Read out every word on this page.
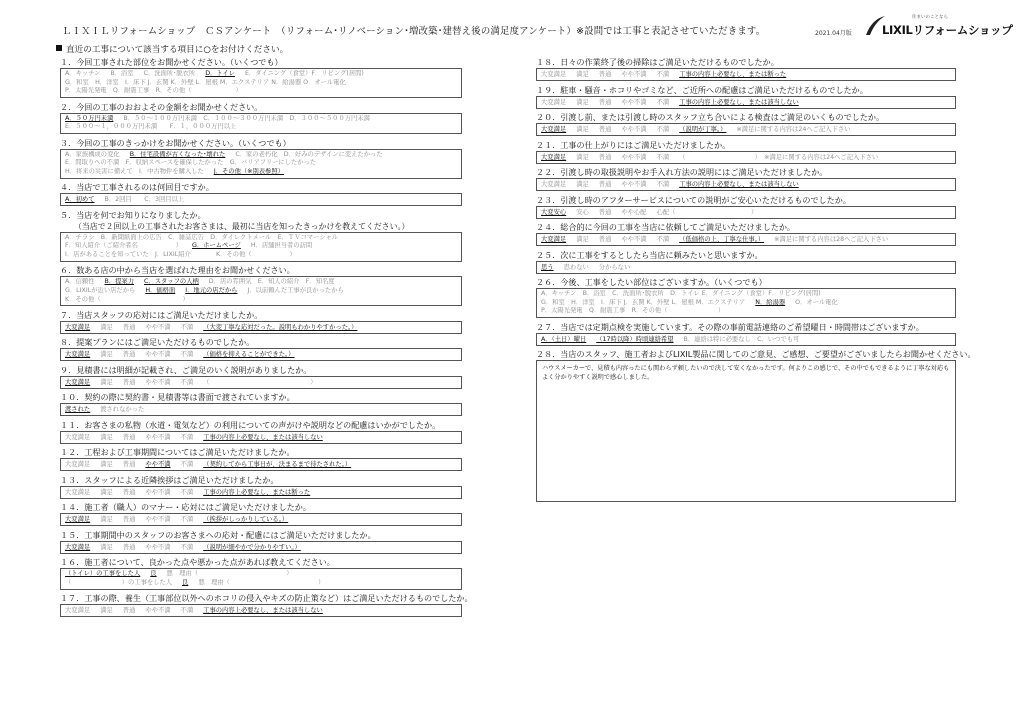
ＬＩＸＩＬリフォームショップ　ＣＳアンケート　（リフォーム･リノベーション･増改築･建替え後の満足度アンケート）※設問では工事と表記させていただきます。	2021.04月版
住まいのことなら
LIXILリフォームショップ
直近の工事について該当する項目に○をお付けください。
１．今回工事された部位をお聞かせください。（いくつでも）
A．キッチン B．浴室 C．洗面所･脱衣所 D．トイレ E．ダイニング（食堂）F．リビング(居間)
G．和室　H．洋室　I．床下 J．玄関 K．外壁 L．屋根 M．エクステリア N．給湯器 O．オール電化
P．太陽光発電　Q．耐震工事　R．その他（　　　　　　　）
２．今回の工事のおおよその金額をお聞かせください。
A．５０万円未満 B．５０～１００万円未満　C．１００～３００万円未満　D．３００～５００万円未満
E．５００～１，０００万円未満　　F．１，０００万円以上
３．今回の工事のきっかけをお聞かせください。（いくつでも）
A．家族構成の変化 B．住宅設備が古くなった･壊れた C．家の老朽化　D．好みのデザインに変えたかった
E．間取りへの不満　F．収納スペースを確保したかった　G．バリアフリーにしたかった
H．将来の災害に備えて　I．中古物件を購入した J．その他（※別表参照）
４．当店で工事されるのは何回目ですか。
A．初めて B．2回目　　C．3回目以上
５．当店を何でお知りになりましたか。
（当店で２回以上の工事されたお客さまは、最初に当店を知ったきっかけを教えてください。）
A．チラシ　B．新聞紙面上の広告　C．雑誌広告　D．ダイレクトメール　E．ＴＶコマーシャル
F．知人紹介（ご紹介者名　　　　　　） G．ホームページ H．店舗担当者の訪問
I．店があることを知っていた　J．LIXIL紹介　　　　K．その他（　　　　　　）
６．数ある店の中から当店を選ばれた理由をお聞かせください。
A．信頼性 B．提案力 C．スタッフの人柄 D．店の雰囲気　E．知人の紹介　F．知名度
G．LIXILが近い店だから H．価格面 I．地元の店だから J．以前頼んだ工事が良かったから
K．その他（　　　　　　　　　　　　　）
７．当店スタッフの応対にはご満足いただけましたか。
大変満足 満足 普通 やや不満 不満 （大変丁寧な応対だった。説明もわかりやすかった。）
８．提案プランにはご満足いただけるものでしたか。
大変満足 満足 普通 やや不満 不満 （価格を抑えることができた。）
９．見積書には明細が記載され、ご満足のいく説明がありましたか。
大変満足 満足 普通 やや不満 不満 （　　　　　　　　　　　　　　　　）
１０．契約の際に契約書・見積書等は書面で渡されていますか。
渡された 渡されなかった
１１．お客さまの私物（水道・電気など）の利用についての声がけや説明などの配慮はいかがでしたか。
大変満足 満足 普通 やや不満 不満 工事の内容上必要なし、または該当しない
１２．工程および工事期間についてはご満足いただけましたか。
大変満足 満足 普通 やや不満 不満 （契約してから工事日が、決まるまで待たされた。）
１３．スタッフによる近隣挨拶はご満足いただけましたか。
大変満足 満足 普通 やや不満 不満 工事の内容上必要なし、または断った
１４．施工者（職人）のマナー・応対にはご満足いただけましたか。
大変満足 満足 普通 やや不満 不満 （挨拶がしっかりしている。）
１５．工事期間中のスタッフのお客さまへの応対・配慮にはご満足いただけましたか。
大変満足 満足 普通 やや不満 不満 （説明が細やかで分かりやすい。）
１６．施工者について、良かった点や悪かった点があれば教えてください。
（トイレ）の工事をした人 良 悪　理由（　　　　　　　　　　　　　　）
（　　　　　　　　）の工事をした人 良 悪　理由（　　　　　　　　　　　　　　）
１７．工事の際、養生（工事部位以外へのホコリの侵入やキズの防止策など）はご満足いただけるものでしたか。
大変満足 満足 普通 やや不満 不満 工事の内容上必要なし、または該当しない
１８．日々の作業終了後の掃除はご満足いただけるものでしたか。
大変満足 満足 普通 やや不満 不満 工事の内容上必要なし、または断った
１９．駐車・騒音・ホコリやゴミなど、ご近所への配慮はご満足いただけるものでしたか。
大変満足 満足 普通 やや不満 不満 工事の内容上必要なし、または該当しない
２０．引渡し前、または引渡し時のスタッフ立ち合いによる検査はご満足のいくものでしたか。
大変満足 満足 普通 やや不満 不満 （説明が丁寧。） ※満足に関する内容は24へご記入下さい
２１．工事の仕上がりにはご満足いただけましたか。
大変満足 満足 普通 やや不満 不満 （　　　　　　　　　　　）　※満足に関する内容は24へご記入下さい
２２．引渡し時の取扱説明やお手入れ方法の説明にはご満足いただけましたか。
大変満足 満足 普通 やや不満 不満 工事の内容上必要なし、または該当しない
２３．引渡し時のアフターサービスについての説明がご安心いただけるものでしたか。
大変安心 安心 普通 やや心配 心配（　　　　　　　　　　　　）
２４．総合的に今回の工事を当店に依頼してご満足いただけましたか。
大変満足 満足 普通 やや不満 不満 （低価格の上、丁寧な仕事。） ※満足に関する内容は28へご記入下さい
２５．次に工事をするとしたら当店に頼みたいと思いますか。
思う 思わない 分からない
２６．今後、工事をしたい部位はございますか。（いくつでも）
A．キッチン　B．浴室　C．洗面所･脱衣所　D．トイレ E．ダイニング（食堂）F．リビング(居間)
G．和室　H．洋室　I．床下 J．玄関 K．外壁 L．屋根 M．エクステリア N．給湯器 O．オール電化
P．太陽光発電　Q．耐震工事　R．その他（　　　　　　　　）
２７．当店では定期点検を実施しています。その際の事前電話連絡のご希望曜日・時間帯はございますか。
A．（土日）曜日 （17時以降）時頃連絡希望 B．連絡は特に必要なし　C．いつでも可
２８．当店のスタッフ、施工者およびLIXIL製品に関してのご意見、ご感想、ご要望がございましたらお聞かせください。
ハウスメーカーで、見積も内容ったにも関わらず頼したいので決して安くなかったです。何よりこの感じで、その中でもできるように丁寧な対応もよく分かりやすく説明で感心しました。
